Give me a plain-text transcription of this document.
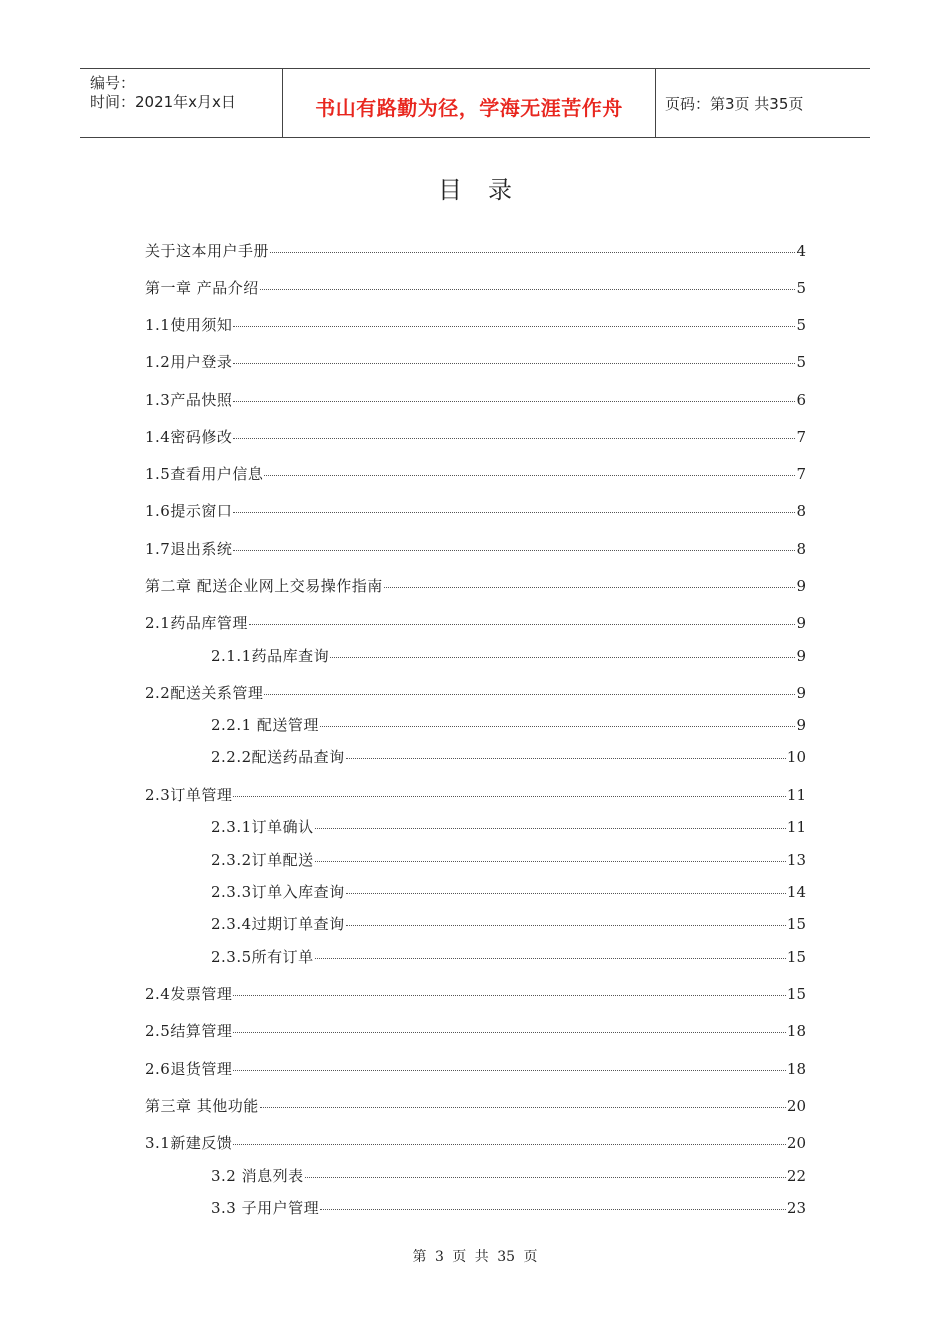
编号：
时间：2021年x月x日	书山有路勤为径，学海无涯苦作舟	页码：第3页 共35页
目录
关于这本用户手册	4
第一章 产品介绍	5
1.1使用须知	5
1.2用户登录	5
1.3产品快照	6
1.4密码修改	7
1.5查看用户信息	7
1.6提示窗口	8
1.7退出系统	8
第二章 配送企业网上交易操作指南	9
2.1药品库管理	9
2.1.1药品库查询	9
2.2配送关系管理	9
2.2.1 配送管理	9
2.2.2配送药品查询	10
2.3订单管理	11
2.3.1订单确认	11
2.3.2订单配送	13
2.3.3订单入库查询	14
2.3.4过期订单查询	15
2.3.5所有订单	15
2.4发票管理	15
2.5结算管理	18
2.6退货管理	18
第三章 其他功能	20
3.1新建反馈	20
3.2 消息列表	22
3.3 子用户管理	23
第 3 页 共 35 页
